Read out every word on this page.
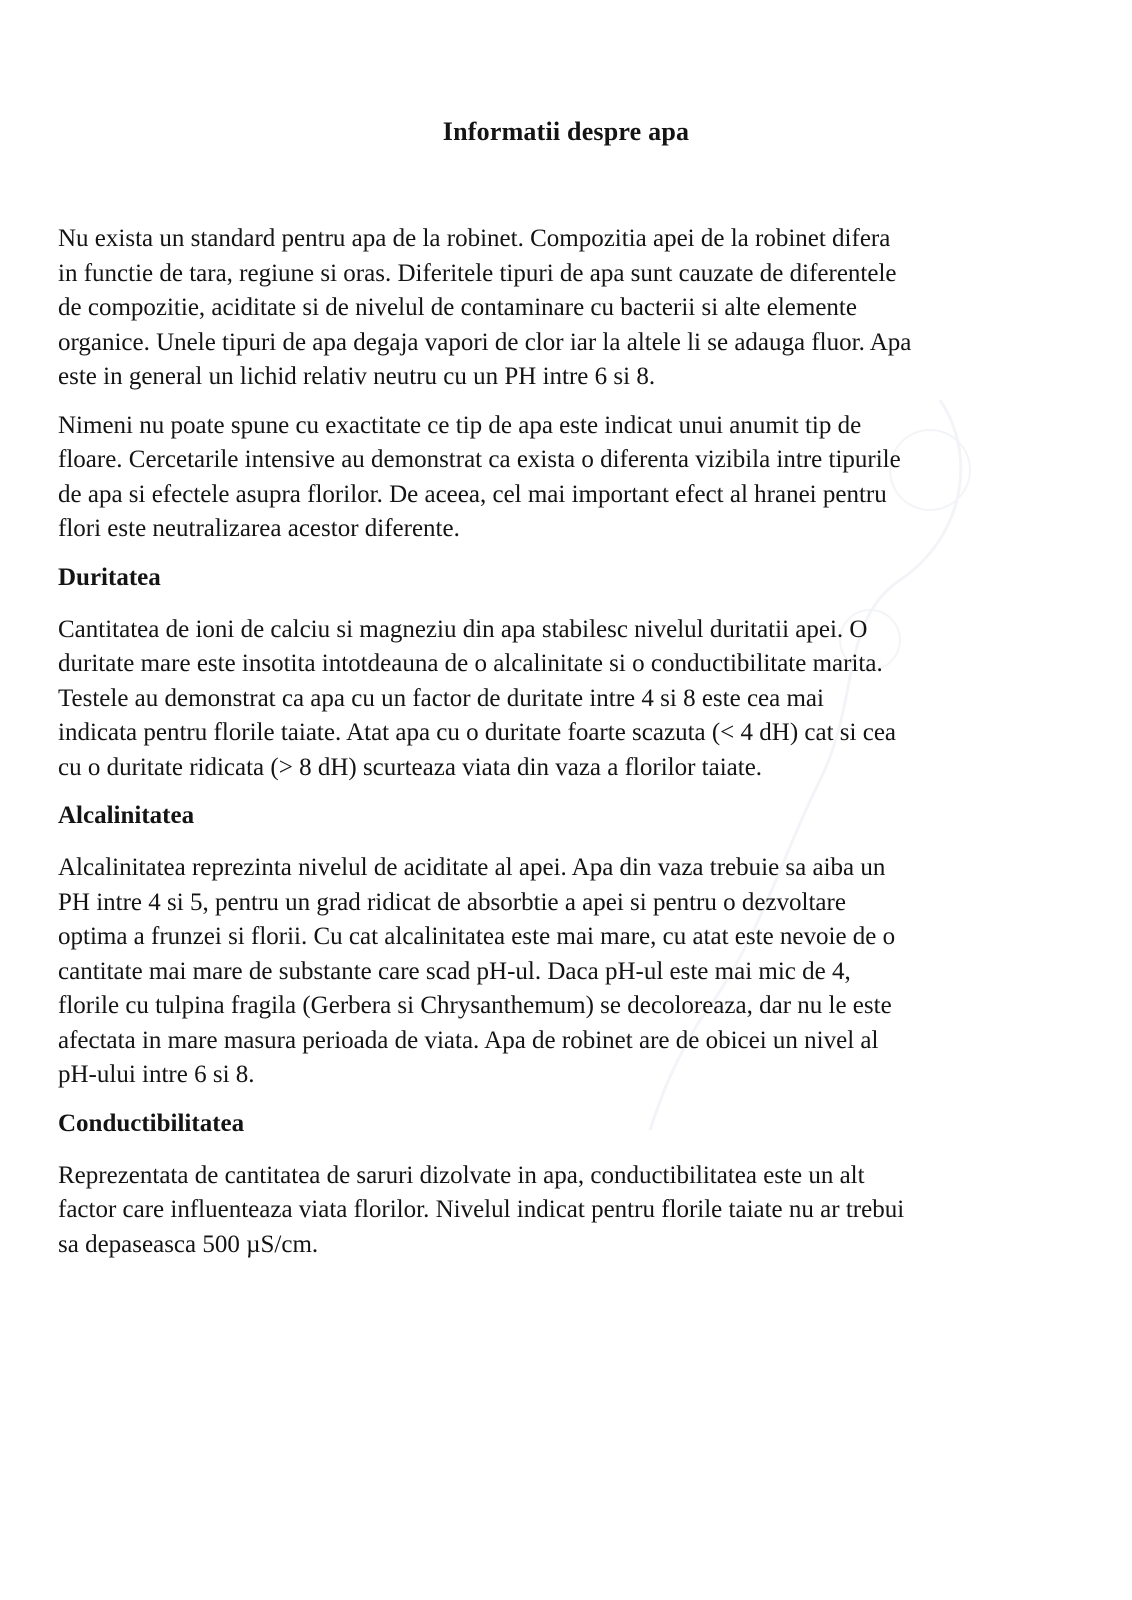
Informatii despre apa

Nu exista un standard pentru apa de la robinet. Compozitia apei de la robinet difera
in functie de tara, regiune si oras. Diferitele tipuri de apa sunt cauzate de diferentele
de compozitie, aciditate si de nivelul de contaminare cu bacterii si alte elemente
organice. Unele tipuri de apa degaja vapori de clor iar la altele li se adauga fluor. Apa
este in general un lichid relativ neutru cu un PH intre 6 si 8.

Nimeni nu poate spune cu exactitate ce tip de apa este indicat unui anumit tip de
floare. Cercetarile intensive au demonstrat ca exista o diferenta vizibila intre tipurile
de apa si efectele asupra florilor. De aceea, cel mai important efect al hranei pentru
flori este neutralizarea acestor diferente.

Duritatea

Cantitatea de ioni de calciu si magneziu din apa stabilesc nivelul duritatii apei. O
duritate mare este insotita intotdeauna de o alcalinitate si o conductibilitate marita.
Testele au demonstrat ca apa cu un factor de duritate intre 4 si 8 este cea mai
indicata pentru florile taiate. Atat apa cu o duritate foarte scazuta (< 4 dH) cat si cea
cu o duritate ridicata (> 8 dH) scurteaza viata din vaza a florilor taiate.

Alcalinitatea

Alcalinitatea reprezinta nivelul de aciditate al apei. Apa din vaza trebuie sa aiba un
PH intre 4 si 5, pentru un grad ridicat de absorbtie a apei si pentru o dezvoltare
optima a frunzei si florii. Cu cat alcalinitatea este mai mare, cu atat este nevoie de o
cantitate mai mare de substante care scad pH-ul. Daca pH-ul este mai mic de 4,
florile cu tulpina fragila (Gerbera si Chrysanthemum) se decoloreaza, dar nu le este
afectata in mare masura perioada de viata. Apa de robinet are de obicei un nivel al
pH-ului intre 6 si 8.

Conductibilitatea

Reprezentata de cantitatea de saruri dizolvate in apa, conductibilitatea este un alt
factor care influenteaza viata florilor. Nivelul indicat pentru florile taiate nu ar trebui
sa depaseasca 500 µS/cm.
